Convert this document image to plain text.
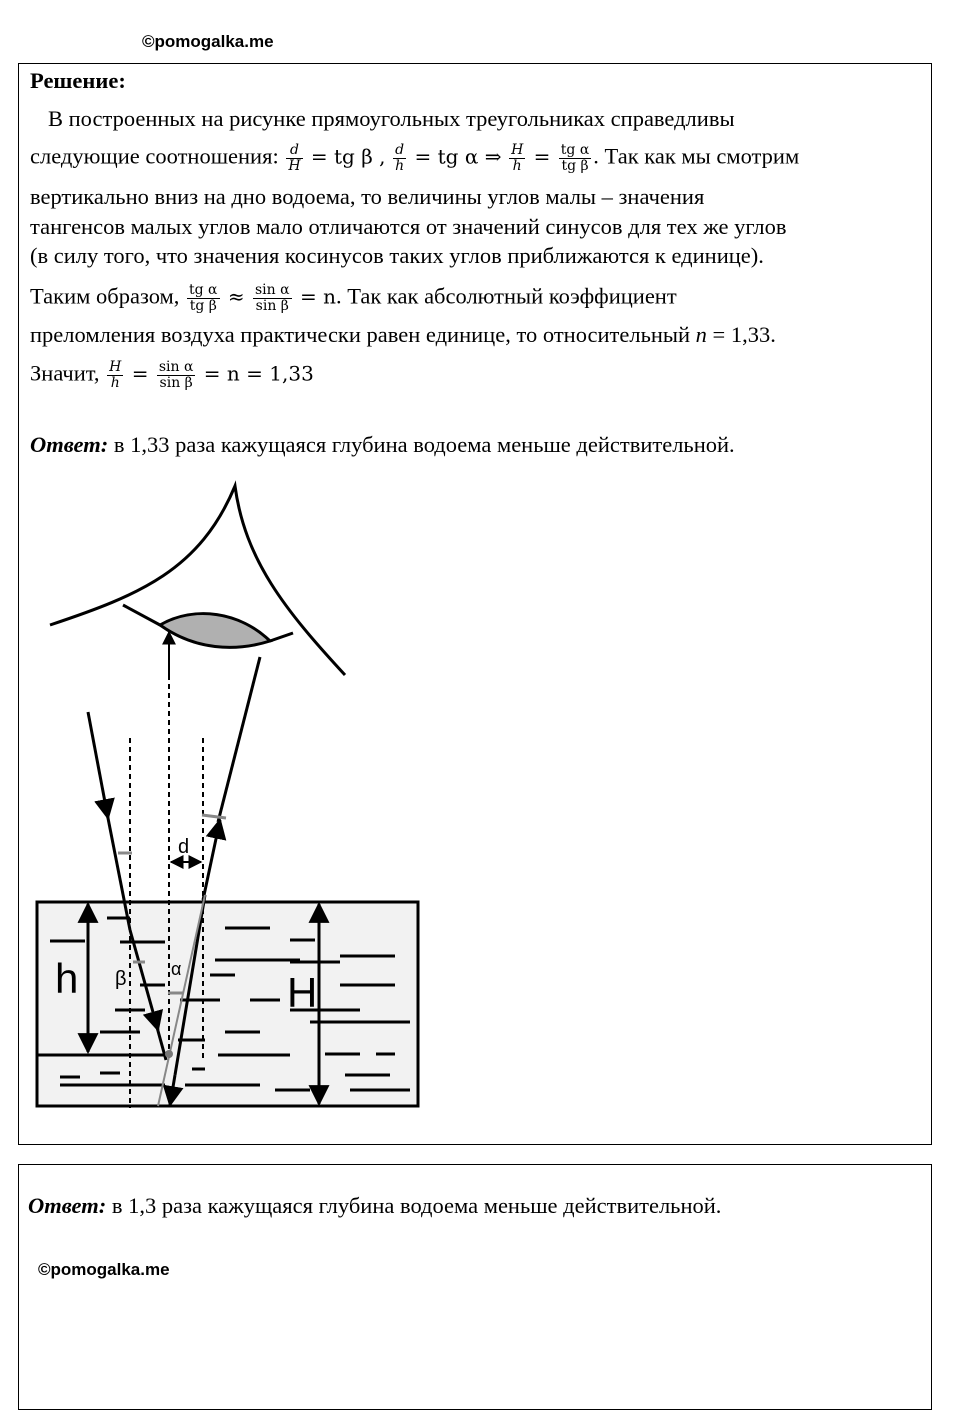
©pomogalka.me
Решение:
В построенных на рисунке прямоугольных треугольниках справедливы
следующие соотношения: $\frac{d}{H}$ = tg β , $\frac{d}{h}$ = tg α ⇒ $\frac{H}{h} = \frac{\text{tg α}}{\text{tg β}}$ . Так как мы смотрим
вертикально вниз на дно водоема, то величины углов малы – значения
тангенсов малых углов мало отличаются от значений синусов для тех же углов
(в силу того, что значения косинусов таких углов приближаются к единице).
Таким образом, $\frac{\text{tg α}}{\text{tg β}} \approx \frac{\text{sin α}}{\text{sin β}} = n$. Так как абсолютный коэффициент
преломления воздуха практически равен единице, то относительный n = 1,33.
Значит, $\frac{H}{h} = \frac{\text{sin α}}{\text{sin β}} = n = 1,33$
Ответ: в 1,33 раза кажущаяся глубина водоема меньше действительной.
d
h	H
β α
Ответ: в 1,3 раза кажущаяся глубина водоема меньше действительной.
©pomogalka.me
